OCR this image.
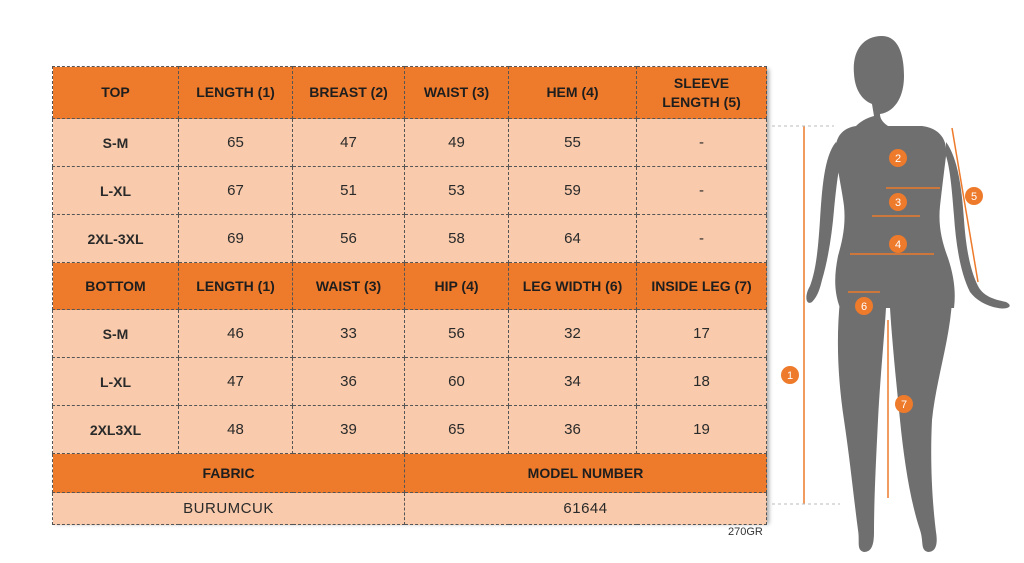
TOP	LENGTH (1)	BREAST (2)	WAIST (3)	HEM (4)	SLEEVE
LENGTH (5)
S-M	65	47	49	55	-
L-XL	67	51	53	59	-
2XL-3XL	69	56	58	64	-
BOTTOM	LENGTH (1)	WAIST (3)	HIP (4)	LEG WIDTH (6)	INSIDE LEG (7)
S-M	46	33	56	32	17
L-XL	47	36	60	34	18
2XL3XL	48	39	65	36	19
FABRIC			MODEL NUMBER		
BURUMCUK			61644		
270GR
1
2
3
4
5
6
7
